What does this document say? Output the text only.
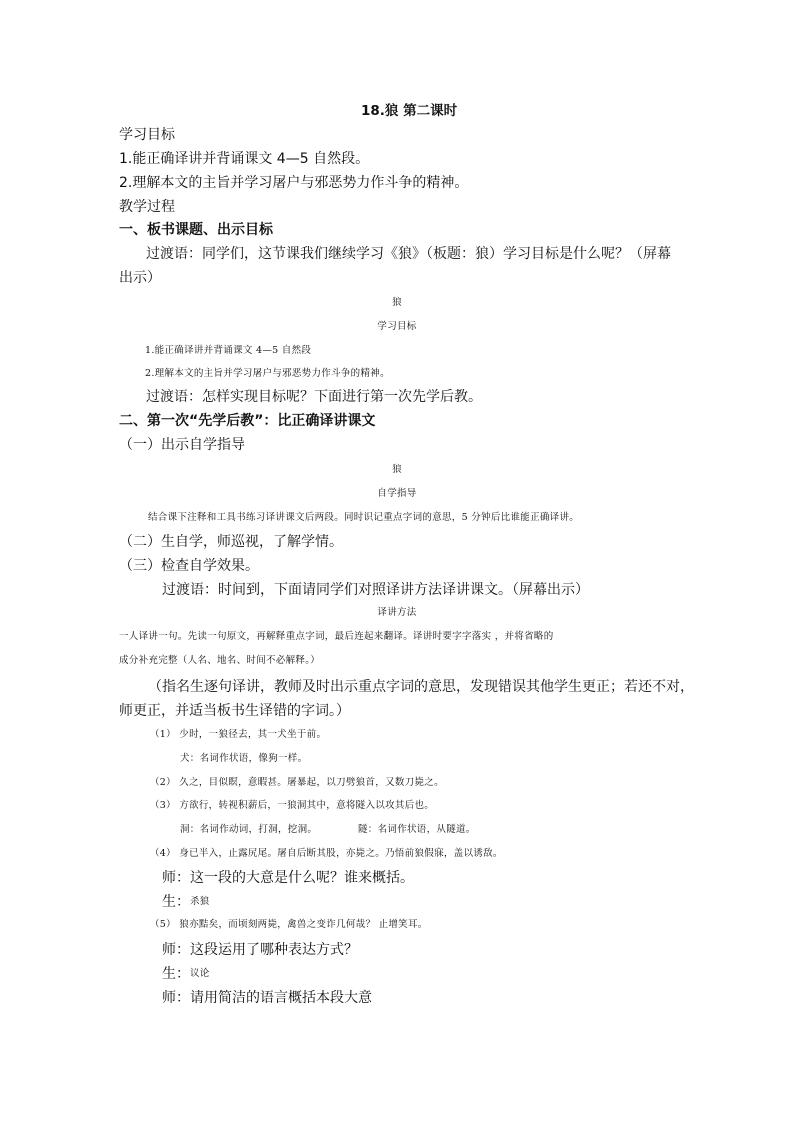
18.狼 第二课时
学习目标
1.能正确译讲并背诵课文 4—5 自然段。
2.理解本文的主旨并学习屠户与邪恶势力作斗争的精神。
教学过程
一、板书课题、出示目标
过渡语：同学们，这节课我们继续学习《狼》（板题：狼）学习目标是什么呢？（屏幕
出示）
狼
学习目标
1.能正确译讲并背诵课文 4—5 自然段
2.理解本文的主旨并学习屠户与邪恶势力作斗争的精神。
过渡语：怎样实现目标呢？下面进行第一次先学后教。
二、第一次“先学后教”：比正确译讲课文
（一）出示自学指导
狼
自学指导
结合课下注释和工具书练习译讲课文后两段。同时识记重点字词的意思，5 分钟后比谁能正确译讲。
（二）生自学，师巡视，了解学情。
（三）检查自学效果。
过渡语：时间到，下面请同学们对照译讲方法译讲课文。（屏幕出示）
译讲方法
一人译讲一句。先读一句原文，再解释重点字词，最后连起来翻译。译讲时要字字落实 ，并将省略的
成分补充完整（人名、地名、时间不必解释。）
（指名生逐句译讲，教师及时出示重点字词的意思，发现错误其他学生更正；若还不对，
师更正，并适当板书生译错的字词。）
（1） 少时，一狼径去，其一犬坐于前。
犬：名词作状语，像狗一样。
（2） 久之，目似瞑，意暇甚。屠暴起，以刀劈狼首，又数刀毙之。
（3） 方欲行，转视积薪后，一狼洞其中，意将隧入以攻其后也。
洞：名词作动词，打洞，挖洞。	隧：名词作状语，从隧道。
（4） 身已半入，止露尻尾。屠自后断其股，亦毙之。乃悟前狼假寐，盖以诱敌。
师：这一段的大意是什么呢？谁来概括。
生： 杀狼
（5） 狼亦黠矣，而顷刻两毙，禽兽之变诈几何哉？ 止增笑耳。
师：这段运用了哪种表达方式？
生： 议论
师：请用简洁的语言概括本段大意
